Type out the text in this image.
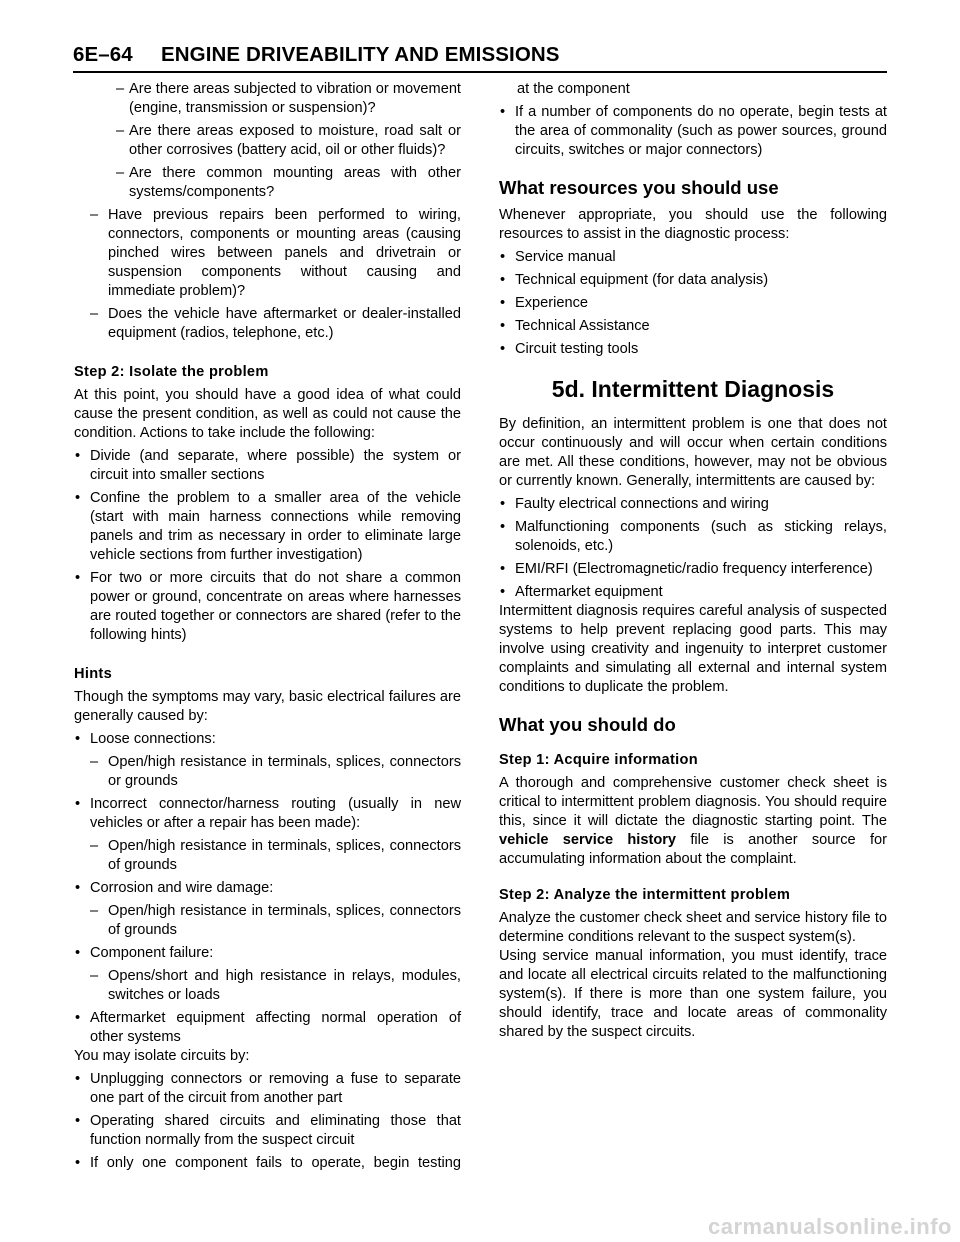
6E–64 ENGINE DRIVEABILITY AND EMISSIONS
– Are there areas subjected to vibration or movement (engine, transmission or suspension)?
– Are there areas exposed to moisture, road salt or other corrosives (battery acid, oil or other fluids)?
– Are there common mounting areas with other systems/components?
– Have previous repairs been performed to wiring, connectors, components or mounting areas (causing pinched wires between panels and drivetrain or suspension components without causing and immediate problem)?
– Does the vehicle have aftermarket or dealer-installed equipment (radios, telephone, etc.)

Step 2: Isolate the problem

At this point, you should have a good idea of what could cause the present condition, as well as could not cause the condition. Actions to take include the following:

• Divide (and separate, where possible) the system or circuit into smaller sections
• Confine the problem to a smaller area of the vehicle (start with main harness connections while removing panels and trim as necessary in order to eliminate large vehicle sections from further investigation)
• For two or more circuits that do not share a common power or ground, concentrate on areas where harnesses are routed together or connectors are shared (refer to the following hints)

Hints

Though the symptoms may vary, basic electrical failures are generally caused by:

• Loose connections:
– Open/high resistance in terminals, splices, connectors or grounds
• Incorrect connector/harness routing (usually in new vehicles or after a repair has been made):
– Open/high resistance in terminals, splices, connectors of grounds
• Corrosion and wire damage:
– Open/high resistance in terminals, splices, connectors of grounds
• Component failure:
– Opens/short and high resistance in relays, modules, switches or loads
• Aftermarket equipment affecting normal operation of other systems

You may isolate circuits by:

• Unplugging connectors or removing a fuse to separate one part of the circuit from another part
• Operating shared circuits and eliminating those that function normally from the suspect circuit
• If only one component fails to operate, begin testing

at the component

• If a number of components do no operate, begin tests at the area of commonality (such as power sources, ground circuits, switches or major connectors)

What resources you should use

Whenever appropriate, you should use the following resources to assist in the diagnostic process:

• Service manual
• Technical equipment (for data analysis)
• Experience
• Technical Assistance
• Circuit testing tools

5d. Intermittent Diagnosis

By definition, an intermittent problem is one that does not occur continuously and will occur when certain conditions are met. All these conditions, however, may not be obvious or currently known. Generally, intermittents are caused by:

• Faulty electrical connections and wiring
• Malfunctioning components (such as sticking relays, solenoids, etc.)
• EMI/RFI (Electromagnetic/radio frequency interference)
• Aftermarket equipment

Intermittent diagnosis requires careful analysis of suspected systems to help prevent replacing good parts. This may involve using creativity and ingenuity to interpret customer complaints and simulating all external and internal system conditions to duplicate the problem.

What you should do

Step 1: Acquire information

A thorough and comprehensive customer check sheet is critical to intermittent problem diagnosis. You should require this, since it will dictate the diagnostic starting point. The vehicle service history file is another source for accumulating information about the complaint.

Step 2: Analyze the intermittent problem

Analyze the customer check sheet and service history file to determine conditions relevant to the suspect system(s).

Using service manual information, you must identify, trace and locate all electrical circuits related to the malfunctioning system(s). If there is more than one system failure, you should identify, trace and locate areas of commonality shared by the suspect circuits.

carmanualsonline.info
